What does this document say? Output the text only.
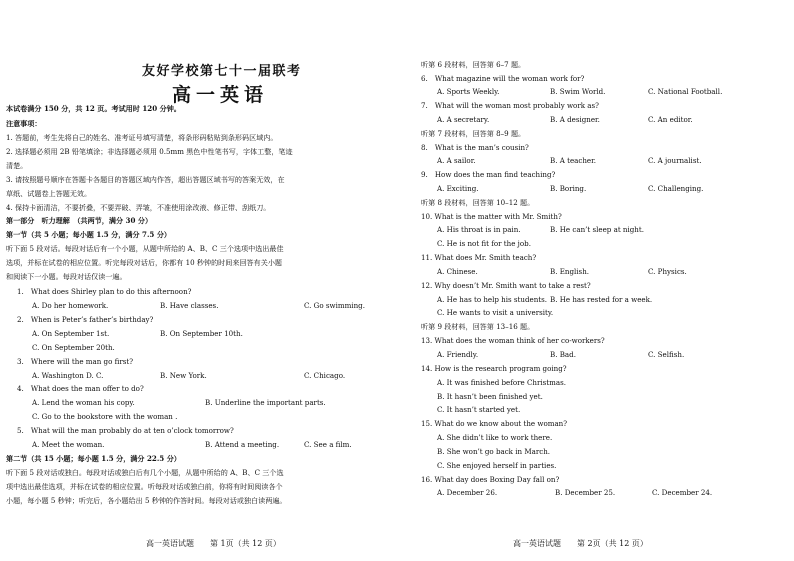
友好学校第七十一届联考
高一英语
本试卷满分 150 分，共 12 页。考试用时 120 分钟。
注意事项：
1. 答题前，考生先将自己的姓名、准考证号填写清楚，将条形码粘贴到条形码区域内。
2. 选择题必须用 2B 铅笔填涂；非选择题必须用 0.5mm 黑色中性笔书写，字体工整，笔迹
清楚。
3. 请按照题号顺序在答题卡各题目的答题区域内作答，超出答题区域书写的答案无效，在
草纸、试题卷上答题无效。
4. 保持卡面清洁，不要折叠，不要弄破、弄皱，不准使用涂改液、修正带、刮纸刀。
第一部分　听力理解　（共两节，满分 30 分）
第一节（共 5 小题；每小题 1.5 分，满分 7.5 分）
听下面 5 段对话。每段对话后有一个小题，从题中所给的 A、B、C 三个选项中选出最佳
选项，并标在试卷的相应位置。听完每段对话后，你都有 10 秒钟的时间来回答有关小题
和阅读下一小题。每段对话仅读一遍。
1.　What does Shirley plan to do this afternoon?
A. Do her homework.	B. Have classes.	C. Go swimming.
2.　When is Peter’s father’s birthday?
A. On September 1st.	B. On September 10th.
C. On September 20th.
3.　Where will the man go first?
A. Washington D. C.	B. New York.	C. Chicago.
4.　What does the man offer to do?
A. Lend the woman his copy.	B. Underline the important parts.
C. Go to the bookstore with the woman .
5.　What will the man probably do at ten o’clock tomorrow?
A. Meet the woman.	B. Attend a meeting.	C. See a film.
第二节（共 15 小题；每小题 1.5 分，满分 22.5 分）
听下面 5 段对话或独白。每段对话或独白后有几个小题，从题中所给的 A、B、C 三个选
项中选出最佳选项，并标在试卷的相应位置。听每段对话或独白前，你将有时间阅读各个
小题，每小题 5 秒钟；听完后，各小题给出 5 秒钟的作答时间。每段对话或独白读两遍。
高一英语试题　　第 1页（共 12 页）
听第 6 段材料，回答第 6–7 题。
6.　What magazine will the woman work for?
A. Sports Weekly.	B. Swim World.	C. National Football.
7.　What will the woman most probably work as?
A. A secretary.	B. A designer.	C. An editor.
听第 7 段材料，回答第 8–9 题。
8.　What is the man’s cousin?
A. A sailor.	B. A teacher.	C. A journalist.
9.　How does the man find teaching?
A. Exciting.	B. Boring.	C. Challenging.
听第 8 段材料，回答第 10–12 题。
10. What is the matter with Mr. Smith?
A. His throat is in pain.	B. He can’t sleep at night.
C. He is not fit for the job.
11. What does Mr. Smith teach?
A. Chinese.	B. English.	C. Physics.
12. Why doesn’t Mr. Smith want to take a rest?
A. He has to help his students. B. He has rested for a week.
C. He wants to visit a university.
听第 9 段材料，回答第 13–16 题。
13. What does the woman think of her co-workers?
A. Friendly.	B. Bad.	C. Selfish.
14. How is the research program going?
A. It was finished before Christmas.
B. It hasn’t been finished yet.
C. It hasn’t started yet.
15. What do we know about the woman?
A. She didn’t like to work there.
B. She won’t go back in March.
C. She enjoyed herself in parties.
16. What day does Boxing Day fall on?
A. December 26.	B. December 25.	C. December 24.
高一英语试题　　第 2页（共 12 页）
